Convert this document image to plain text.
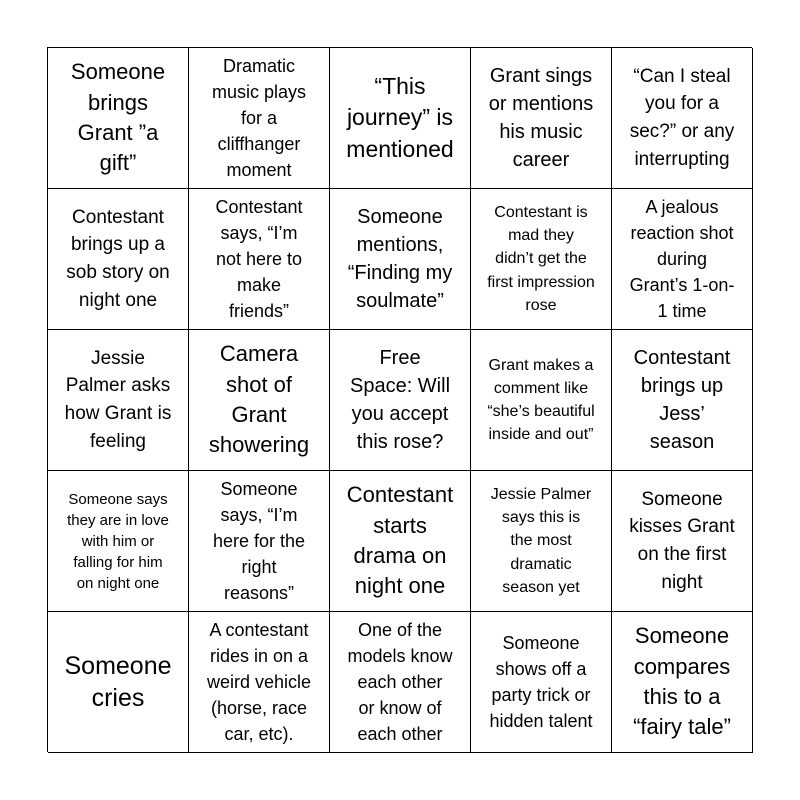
Someone
brings
Grant ”a
gift”
Dramatic
music plays
for a
cliffhanger
moment
“This
journey” is
mentioned
Grant sings
or mentions
his music
career
“Can I steal
you for a
sec?” or any
interrupting
Contestant
brings up a
sob story on
night one
Contestant
says, “I’m
not here to
make
friends”
Someone
mentions,
“Finding my
soulmate”
Contestant is
mad they
didn’t get the
first impression
rose
A jealous
reaction shot
during
Grant’s 1-on-
1 time
Jessie
Palmer asks
how Grant is
feeling
Camera
shot of
Grant
showering
Free
Space: Will
you accept
this rose?
Grant makes a
comment like
“she’s beautiful
inside and out”
Contestant
brings up
Jess’
season
Someone says
they are in love
with him or
falling for him
on night one
Someone
says, “I’m
here for the
right
reasons”
Contestant
starts
drama on
night one
Jessie Palmer
says this is
the most
dramatic
season yet
Someone
kisses Grant
on the first
night
Someone
cries
A contestant
rides in on a
weird vehicle
(horse, race
car, etc).
One of the
models know
each other
or know of
each other
Someone
shows off a
party trick or
hidden talent
Someone
compares
this to a
“fairy tale”
